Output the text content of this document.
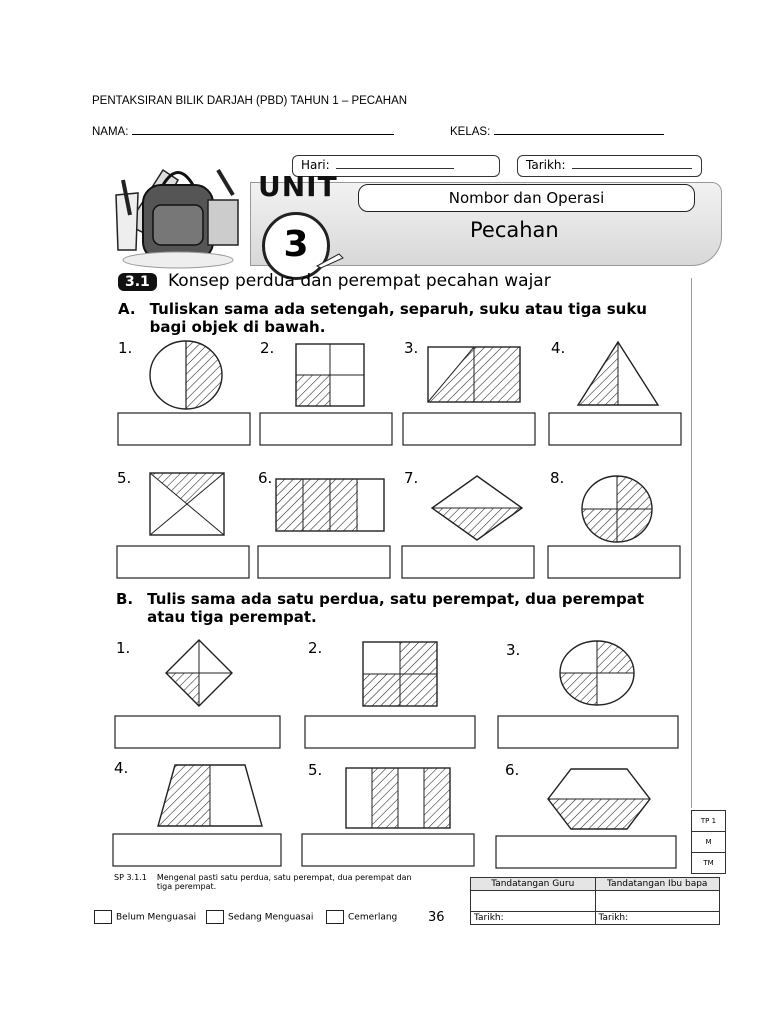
PENTAKSIRAN BILIK DARJAH (PBD) TAHUN 1 – PECAHAN
NAMA:	KELAS:
Hari:	Tarikh:
UNIT	Nombor dan Operasi
Pecahan
3
3.1	Konsep perdua dan perempat pecahan wajar
A. Tuliskan sama ada setengah, separuh, suku atau tiga suku bagi objek di bawah.
1.	2.	3.	4.
5.	6.	7.	8.
1.	2.	3.
4.	5.	6.
B. Tulis sama ada satu perdua, satu perempat, dua perempat atau tiga perempat.
TP 1
M
TM
SP 3.1.1 Mengenal pasti satu perdua, satu perempat, dua perempat dan tiga perempat.	Tandatangan Guru	Tandatangan Ibu bapa
Tarikh:	Tarikh:
Belum Menguasai	Sedang Menguasai	Cemerlang 36
